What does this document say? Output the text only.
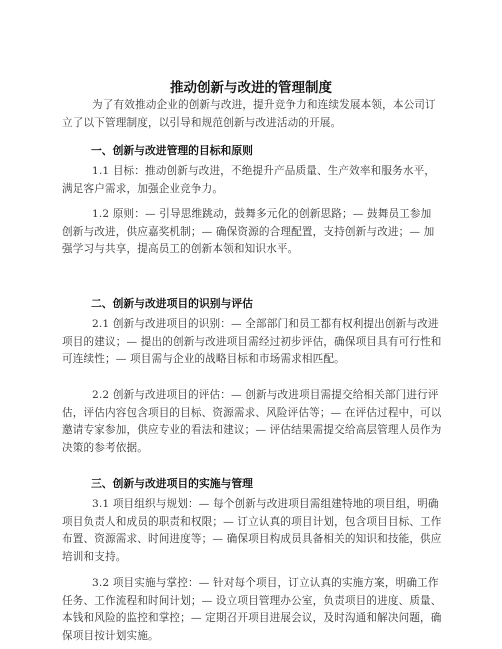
推动创新与改进的管理制度
为了有效推动企业的创新与改进，提升竞争力和连续发展本领，本公司订立了以下管理制度，以引导和规范创新与改进活动的开展。
一、创新与改进管理的目标和原则
1.1 目标：推动创新与改进，不绝提升产品质量、生产效率和服务水平，满足客户需求，加强企业竞争力。
1.2 原则：— 引导思维跳动，鼓舞多元化的创新思路；— 鼓舞员工参加创新与改进，供应嘉奖机制；— 确保资源的合理配置，支持创新与改进；— 加强学习与共享，提高员工的创新本领和知识水平。
二、创新与改进项目的识别与评估
2.1 创新与改进项目的识别：— 全部部门和员工都有权利提出创新与改进项目的建议；— 提出的创新与改进项目需经过初步评估，确保项目具有可行性和可连续性；— 项目需与企业的战略目标和市场需求相匹配。
2.2 创新与改进项目的评估：— 创新与改进项目需提交给相关部门进行评估，评估内容包含项目的目标、资源需求、风险评估等；— 在评估过程中，可以邀请专家参加，供应专业的看法和建议；— 评估结果需提交给高层管理人员作为决策的参考依据。
三、创新与改进项目的实施与管理
3.1 项目组织与规划：— 每个创新与改进项目需组建特地的项目组，明确项目负责人和成员的职责和权限；— 订立认真的项目计划，包含项目目标、工作布置、资源需求、时间进度等；— 确保项目构成员具备相关的知识和技能，供应培训和支持。
3.2 项目实施与掌控：— 针对每个项目，订立认真的实施方案，明确工作任务、工作流程和时间计划；— 设立项目管理办公室，负责项目的进度、质量、本钱和风险的监控和掌控；— 定期召开项目进展会议，及时沟通和解决问题，确保项目按计划实施。
